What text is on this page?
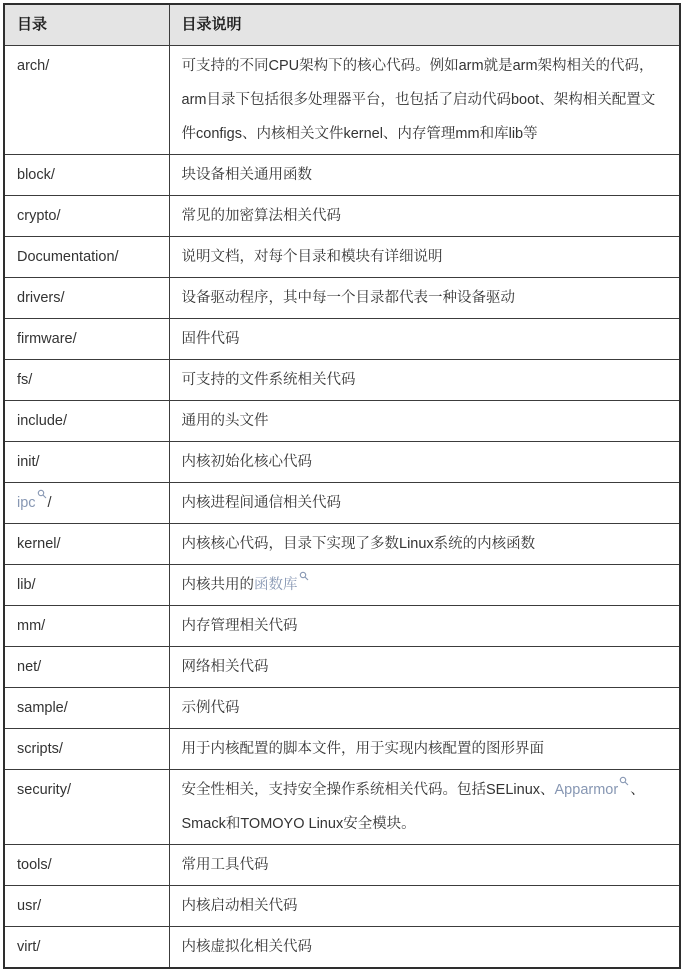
目录	目录说明
arch/	可支持的不同CPU架构下的核心代码。例如arm就是arm架构相关的代码，arm目录下包括很多处理器平台，也包括了启动代码boot、架构相关配置文件configs、内核相关文件kernel、内存管理mm和库lib等
block/	块设备相关通用函数
crypto/	常见的加密算法相关代码
Documentation/	说明文档，对每个目录和模块有详细说明
drivers/	设备驱动程序，其中每一个目录都代表一种设备驱动
firmware/	固件代码
fs/	可支持的文件系统相关代码
include/	通用的头文件
init/	内核初始化核心代码
ipc /	内核进程间通信相关代码
kernel/	内核核心代码，目录下实现了多数Linux系统的内核函数
lib/	内核共用的函数库

mm/	内存管理相关代码
net/	网络相关代码
sample/	示例代码
scripts/	用于内核配置的脚本文件，用于实现内核配置的图形界面
security/	安全性相关，支持安全操作系统相关代码。包括SELinux、Apparmor 、Smack和TOMOYO Linux安全模块。
tools/	常用工具代码
usr/	内核启动相关代码
virt/	内核虚拟化相关代码
